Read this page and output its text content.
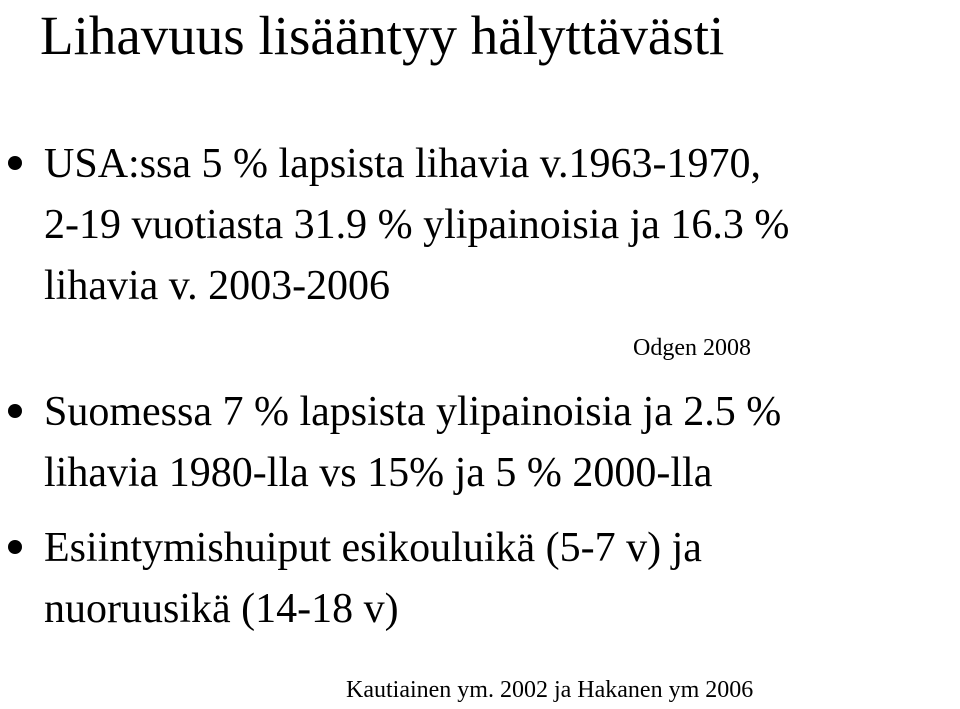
Lihavuus lisääntyy hälyttävästi
USA:ssa 5 % lapsista lihavia v.1963-1970,
2-19 vuotiasta 31.9 % ylipainoisia ja 16.3 %
lihavia v. 2003-2006
Odgen 2008
Suomessa 7 % lapsista ylipainoisia ja 2.5 %
lihavia 1980-lla vs 15% ja 5 % 2000-lla
Esiintymishuiput esikouluikä (5-7 v) ja
nuoruusikä (14-18 v)
Kautiainen ym. 2002 ja Hakanen ym 2006
